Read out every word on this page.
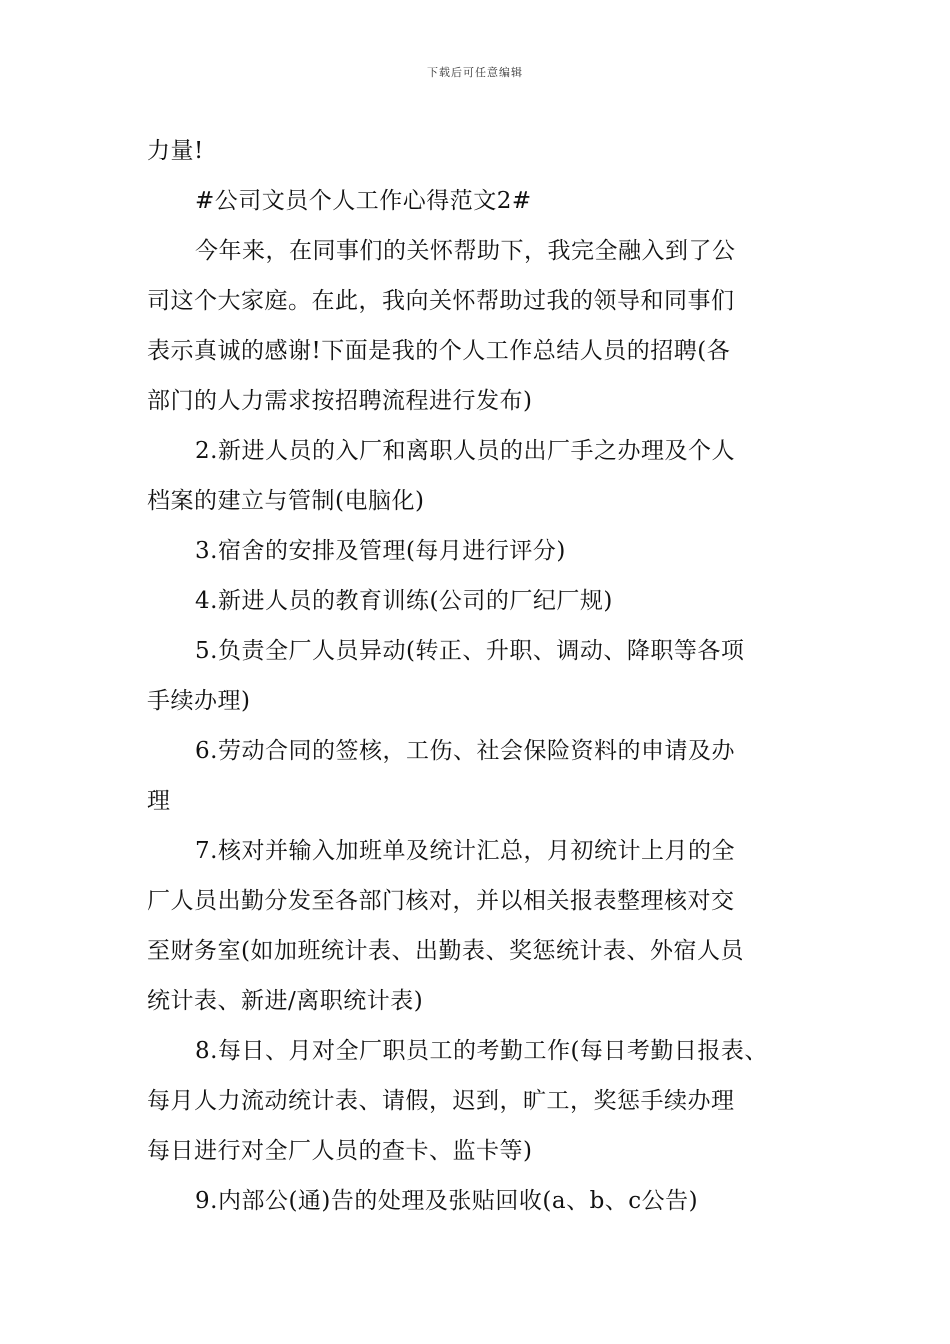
下载后可任意编辑
力量!
#公司文员个人工作心得范文2#
今年来，在同事们的关怀帮助下，我完全融入到了公
司这个大家庭。在此，我向关怀帮助过我的领导和同事们
表示真诚的感谢!下面是我的个人工作总结人员的招聘(各
部门的人力需求按招聘流程进行发布)
2.新进人员的入厂和离职人员的出厂手之办理及个人
档案的建立与管制(电脑化)
3.宿舍的安排及管理(每月进行评分)
4.新进人员的教育训练(公司的厂纪厂规)
5.负责全厂人员异动(转正、升职、调动、降职等各项
手续办理)
6.劳动合同的签核，工伤、社会保险资料的申请及办
理
7.核对并输入加班单及统计汇总，月初统计上月的全
厂人员出勤分发至各部门核对，并以相关报表整理核对交
至财务室(如加班统计表、出勤表、奖惩统计表、外宿人员
统计表、新进/离职统计表)
8.每日、月对全厂职员工的考勤工作(每日考勤日报表、
每月人力流动统计表、请假，迟到，旷工，奖惩手续办理
每日进行对全厂人员的查卡、监卡等)
9.内部公(通)告的处理及张贴回收(a、b、c公告)
